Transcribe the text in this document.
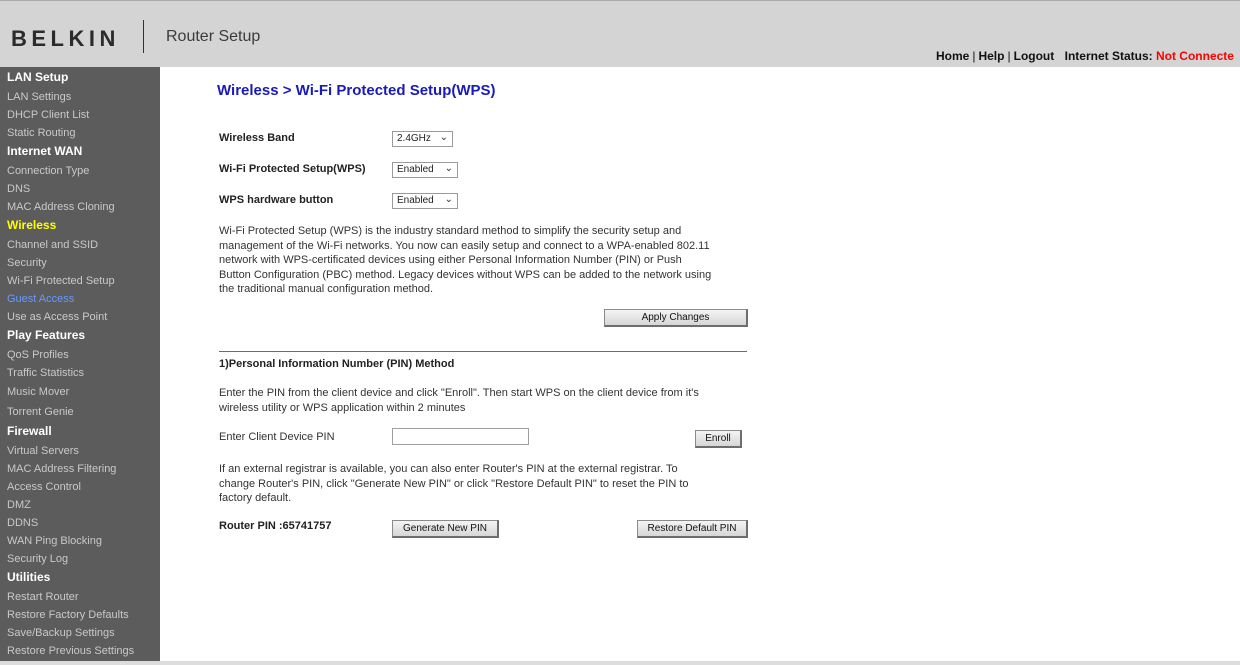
BELKIN	Router Setup
Home | Help | Logout Internet Status: Not Connecte
LAN Setup
LAN Settings
DHCP Client List
Static Routing
Internet WAN
Connection Type
DNS
MAC Address Cloning
Wireless
Channel and SSID
Security
Wi-Fi Protected Setup
Guest Access
Use as Access Point
Play Features
QoS Profiles
Traffic Statistics
Music Mover
Torrent Genie
Firewall
Virtual Servers
MAC Address Filtering
Access Control
DMZ
DDNS
WAN Ping Blocking
Security Log
Utilities
Restart Router
Restore Factory Defaults
Save/Backup Settings
Restore Previous Settings
Wireless > Wi-Fi Protected Setup(WPS)
Wireless Band	2.4GHz ⌄
Wi-Fi Protected Setup(WPS)	Enabled ⌄
WPS hardware button	Enabled ⌄
Wi-Fi Protected Setup (WPS) is the industry standard method to simplify the security setup and
management of the Wi-Fi networks. You now can easily setup and connect to a WPA-enabled 802.11
network with WPS-certificated devices using either Personal Information Number (PIN) or Push
Button Configuration (PBC) method. Legacy devices without WPS can be added to the network using
the traditional manual configuration method.
Apply Changes
1)Personal Information Number (PIN) Method
Enter the PIN from the client device and click "Enroll". Then start WPS on the client device from it's
wireless utility or WPS application within 2 minutes
Enter Client Device PIN	Enroll
If an external registrar is available, you can also enter Router's PIN at the external registrar. To
change Router's PIN, click "Generate New PIN" or click "Restore Default PIN" to reset the PIN to
factory default.
Router PIN :65741757	Generate New PIN	Restore Default PIN
